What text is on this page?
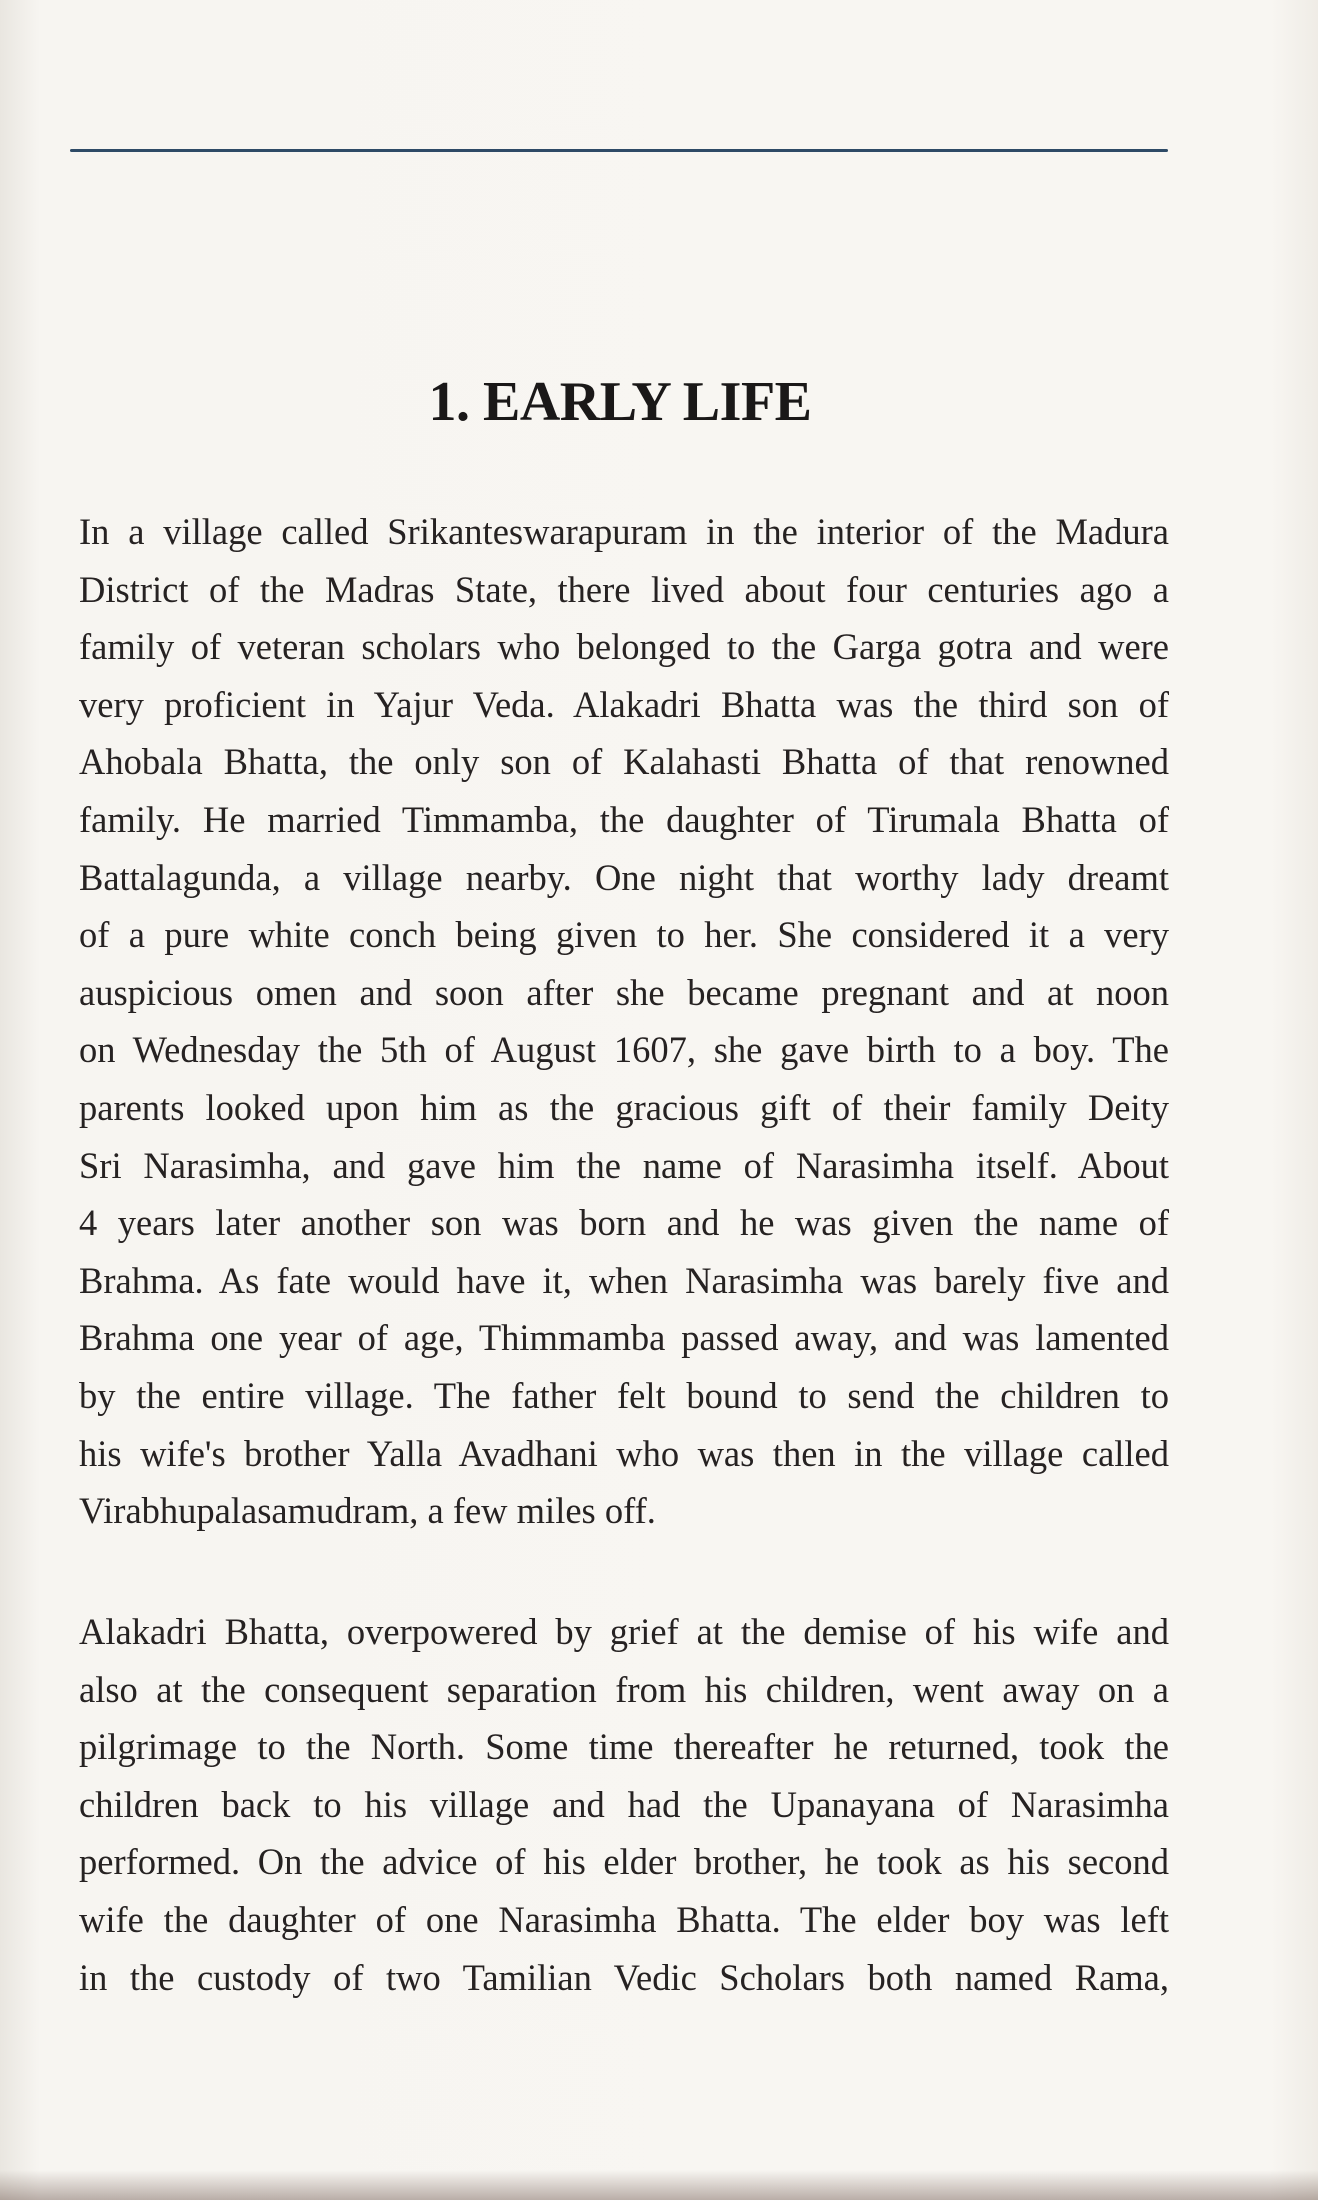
1. EARLY LIFE

In a village called Srikanteswarapuram in the interior of the Madura
District of the Madras State, there lived about four centuries ago a
family of veteran scholars who belonged to the Garga gotra and were
very proficient in Yajur Veda. Alakadri Bhatta was the third son of
Ahobala Bhatta, the only son of Kalahasti Bhatta of that renowned
family. He married Timmamba, the daughter of Tirumala Bhatta of
Battalagunda, a village nearby. One night that worthy lady dreamt
of a pure white conch being given to her. She considered it a very
auspicious omen and soon after she became pregnant and at noon
on Wednesday the 5th of August 1607, she gave birth to a boy. The
parents looked upon him as the gracious gift of their family Deity
Sri Narasimha, and gave him the name of Narasimha itself. About
4 years later another son was born and he was given the name of
Brahma. As fate would have it, when Narasimha was barely five and
Brahma one year of age, Thimmamba passed away, and was lamented
by the entire village. The father felt bound to send the children to
his wife's brother Yalla Avadhani who was then in the village called
Virabhupalasamudram, a few miles off.

Alakadri Bhatta, overpowered by grief at the demise of his wife and
also at the consequent separation from his children, went away on a
pilgrimage to the North. Some time thereafter he returned, took the
children back to his village and had the Upanayana of Narasimha
performed. On the advice of his elder brother, he took as his second
wife the daughter of one Narasimha Bhatta. The elder boy was left
in the custody of two Tamilian Vedic Scholars both named Rama,
